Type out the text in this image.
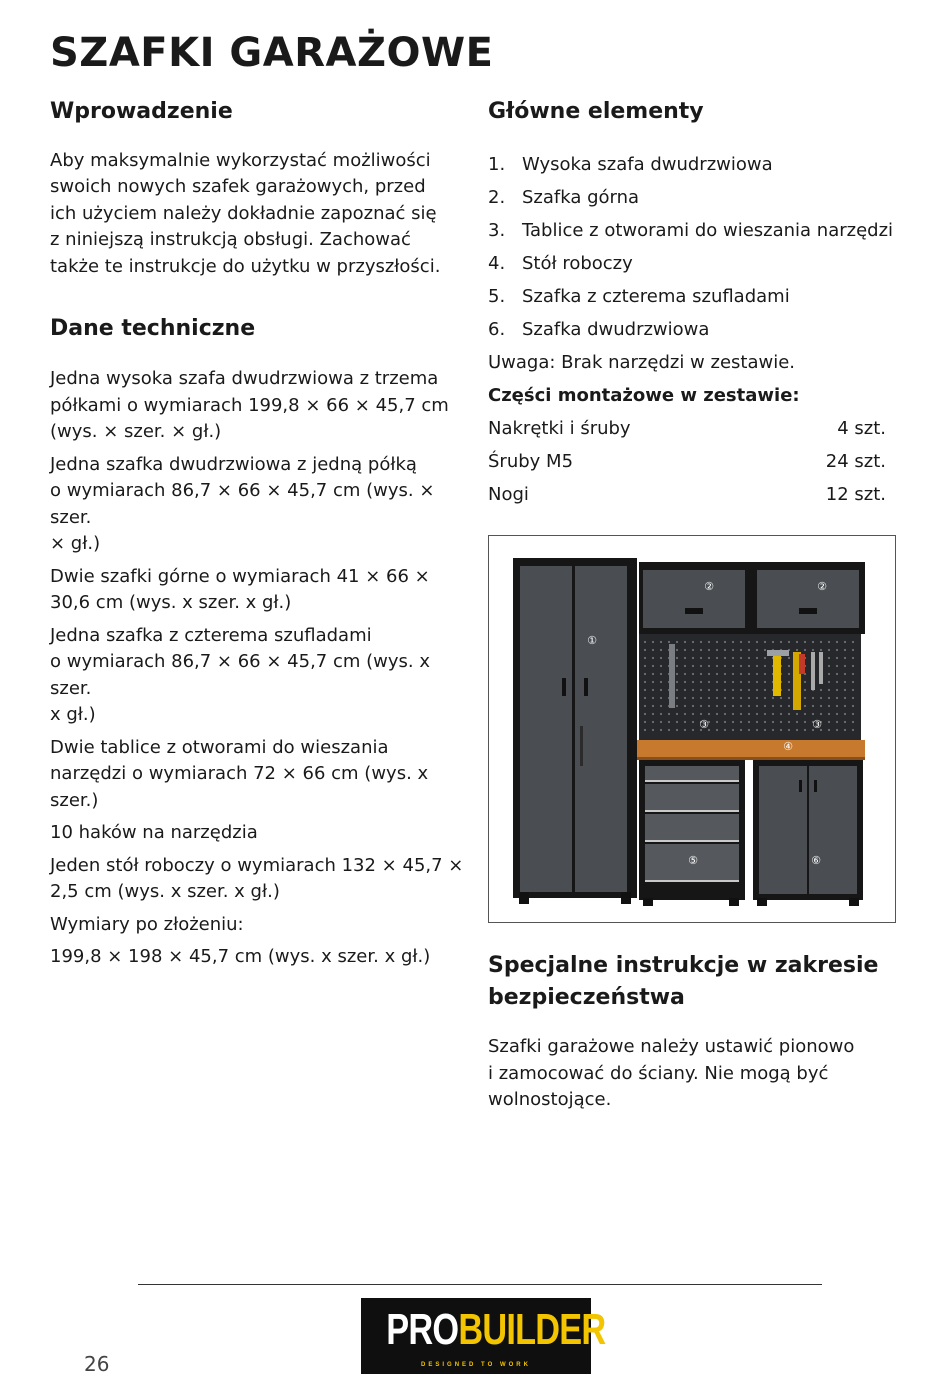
SZAFKI GARAŻOWE
Wprowadzenie

Aby maksymalnie wykorzystać możliwości
swoich nowych szafek garażowych, przed
ich użyciem należy dokładnie zapoznać się
z niniejszą instrukcją obsługi. Zachować
także te instrukcje do użytku w przyszłości.

Dane techniczne

Jedna wysoka szafa dwudrzwiowa z trzema
półkami o wymiarach 199,8 × 66 × 45,7 cm
(wys. × szer. × gł.)

Jedna szafka dwudrzwiowa z jedną półką
o wymiarach 86,7 × 66 × 45,7 cm (wys. × szer.
× gł.)

Dwie szafki górne o wymiarach 41 × 66 ×
30,6 cm (wys. x szer. x gł.)

Jedna szafka z czterema szufladami
o wymiarach 86,7 × 66 × 45,7 cm (wys. x szer.
x gł.)

Dwie tablice z otworami do wieszania
narzędzi o wymiarach 72 × 66 cm (wys. x
szer.)

10 haków na narzędzia

Jeden stół roboczy o wymiarach 132 × 45,7 ×
2,5 cm (wys. x szer. x gł.)

Wymiary po złożeniu:

199,8 × 198 × 45,7 cm (wys. x szer. x gł.)

Główne elementy
1. Wysoka szafa dwudrzwiowa
2. Szafka górna
3. Tablice z otworami do wieszania narzędzi
4. Stół roboczy
5. Szafka z czterema szufladami
6. Szafka dwudrzwiowa
Uwaga: Brak narzędzi w zestawie.
Części montażowe w zestawie:
Nakrętki i śruby	4 szt.
Śruby M5	24 szt.
Nogi	12 szt.
①
②	②
③	③
④
⑤	⑥
Specjalne instrukcje w zakresie
bezpieczeństwa

Szafki garażowe należy ustawić pionowo
i zamocować do ściany. Nie mogą być
wolnostojące.

PROBUILDER
DESIGNED TO WORK
26
